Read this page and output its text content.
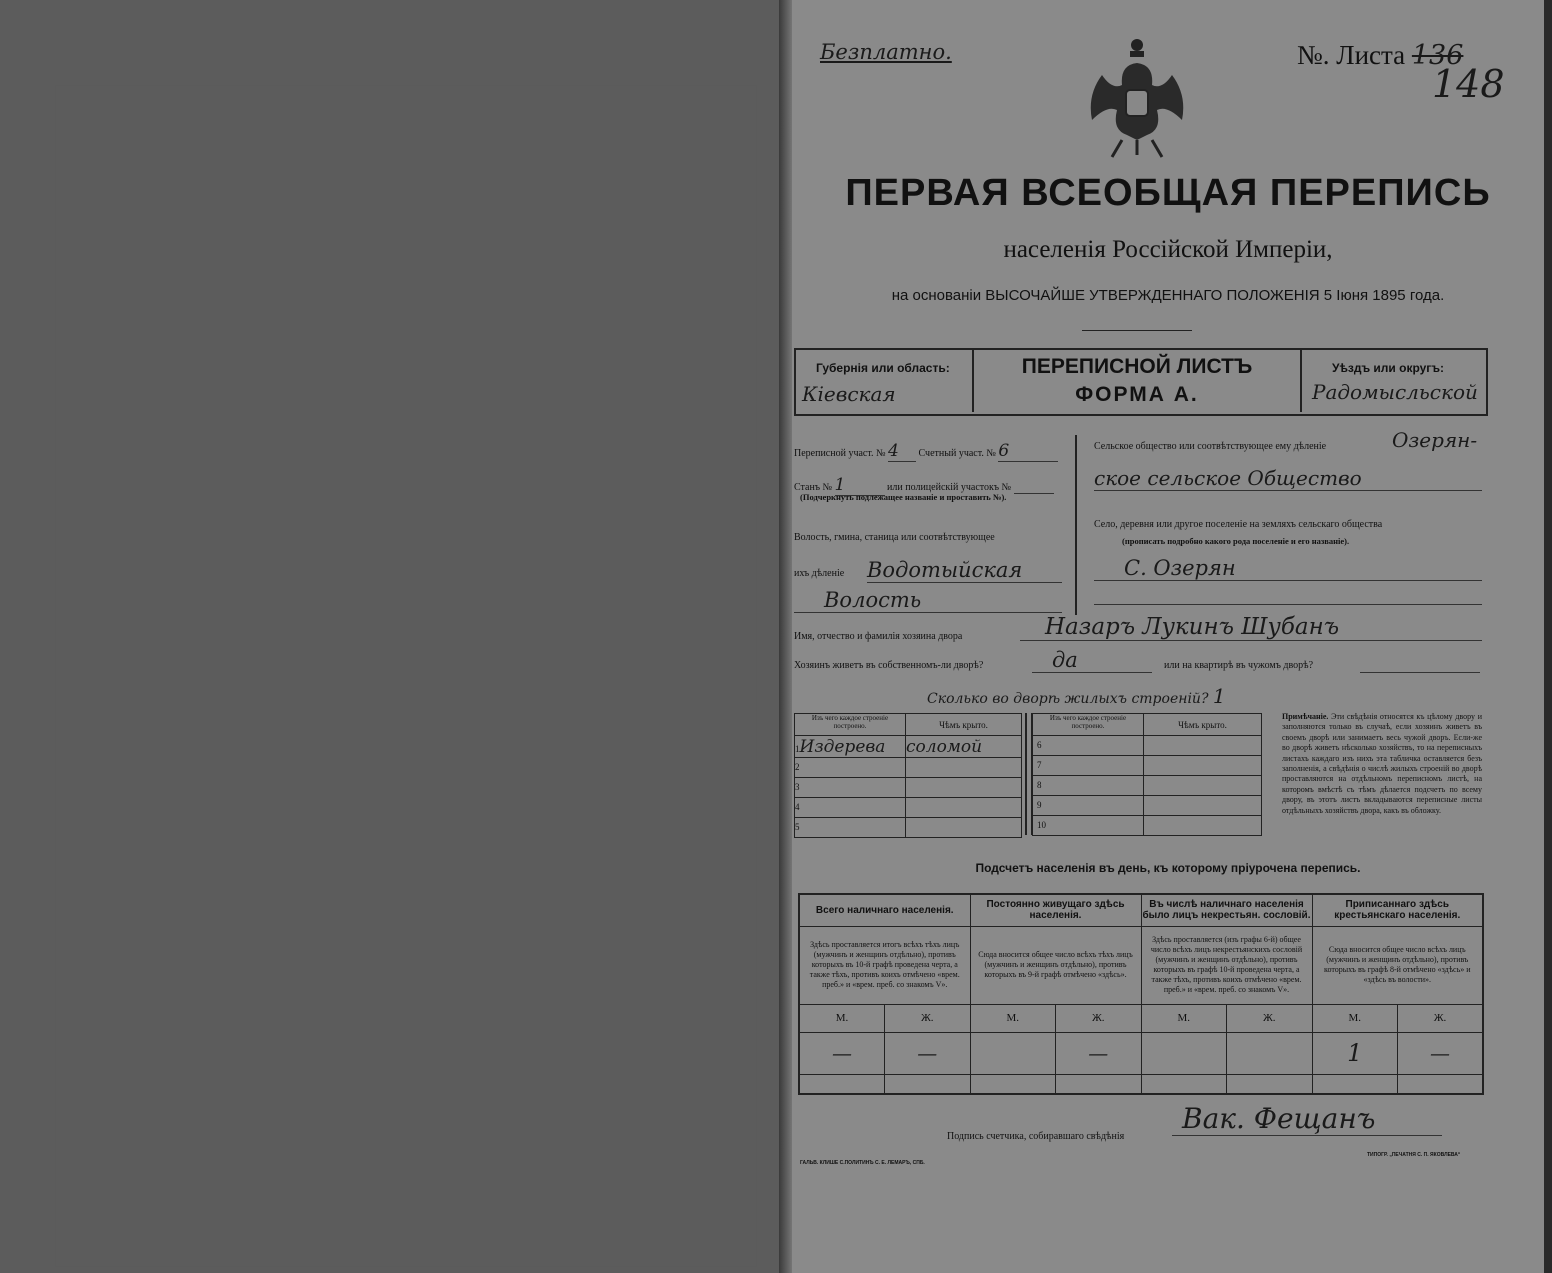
Безплатно.	№. Листа 136
148
ПЕРВАЯ ВСЕОБЩАЯ ПЕРЕПИСЬ
населенія Россійской Имперіи,
на основаніи ВЫСОЧАЙШЕ УТВЕРЖДЕННАГО ПОЛОЖЕНІЯ 5 Іюня 1895 года.
Губернія или область:
Кіевская
ПЕРЕПИСНОЙ ЛИСТЪ
ФОРМА А.
Уѣздъ или округъ:
Радомысльской
Переписной участ. № 4 Счетный участ. № 6
Станъ № 1	или полицейскій участокъ №
(Подчеркнуть подлежащее названіе и проставить №).
Волость, гмина, станица или соотвѣтствующее
ихъ дѣленіе Водотыйская
Волость
Сельское общество или соотвѣтствующее ему дѣленіе	Озерян-
ское сельское Общество
Село, деревня или другое поселеніе на земляхъ сельскаго общества
(прописать подробно какого рода поселеніе и его названіе).
С. Озерян
Имя, отчество и фамилія хозяина двора	Назаръ Лукинъ Шубанъ
Хозяинъ живетъ въ собственномъ-ли дворѣ?	да	или на квартирѣ въ чужомъ дворѣ?
Сколько во дворѣ жилыхъ строеній? 1
Изъ чего каждое строеніе построено.	Чѣмъ крыто.
1Издерева	соломой
2	
3	
4	
5	
Изъ чего каждое строеніе построено.	Чѣмъ крыто.
6	
7	
8	
9	
10	
Примѣчаніе. Эти свѣдѣнія относятся къ цѣлому двору и заполняются только въ случаѣ, если хозяинъ живетъ въ своемъ дворѣ или занимаетъ весь чужой дворъ. Если-же во дворѣ живетъ нѣсколько хозяйствъ, то на переписныхъ листахъ каждаго изъ нихъ эта табличка оставляется безъ заполненія, а свѣдѣнія о числѣ жилыхъ строеній во дворѣ проставляются на отдѣльномъ переписномъ листѣ, на которомъ вмѣстѣ съ тѣмъ дѣлается подсчетъ по всему двору, въ этотъ листъ вкладываются переписные листы отдѣльныхъ хозяйствъ двора, какъ въ обложку.
Подсчетъ населенія въ день, къ которому пріурочена перепись.
Всего наличнаго населенія.		Постоянно живущаго здѣсь населенія.		Въ числѣ наличнаго населенія было лицъ некрестьян. сословій.		Приписаннаго здѣсь крестьянскаго населенія.	
Здѣсь проставляется итогъ всѣхъ тѣхъ лицъ (мужчинъ и женщинъ отдѣльно), противъ которыхъ въ 10-й графѣ проведена черта, а также тѣхъ, противъ коихъ отмѣчено «врем. преб.» и «врем. преб. со знакомъ V».		Сюда вносится общее число всѣхъ тѣхъ лицъ (мужчинъ и женщинъ отдѣльно), противъ которыхъ въ 9-й графѣ отмѣчено «здѣсь».		Здѣсь проставляется (изъ графы 6-й) общее число всѣхъ лицъ некрестьянскихъ сословій (мужчинъ и женщинъ отдѣльно), противъ которыхъ въ графѣ 10-й проведена черта, а также тѣхъ, противъ коихъ отмѣчено «врем. преб.» и «врем. преб. со знакомъ V».		Сюда вносится общее число всѣхъ лицъ (мужчинъ и женщинъ отдѣльно), противъ которыхъ въ графѣ 8-й отмѣчено «здѣсь» и «здѣсь въ волости».	
М.	Ж.	М.	Ж.	М.	Ж.	М.	Ж.
—	—		—			1	—

Подпись счетчика, собиравшаго свѣдѣнія
Вак. Фещанъ
ГАЛЬВ. КЛИШЕ С.ПОЛИТИНЪ С. Е. ЛЕМАРЪ, СПБ.
ТИПОГР. „ПЕЧАТНЯ С. П. ЯКОВЛЕВА“
